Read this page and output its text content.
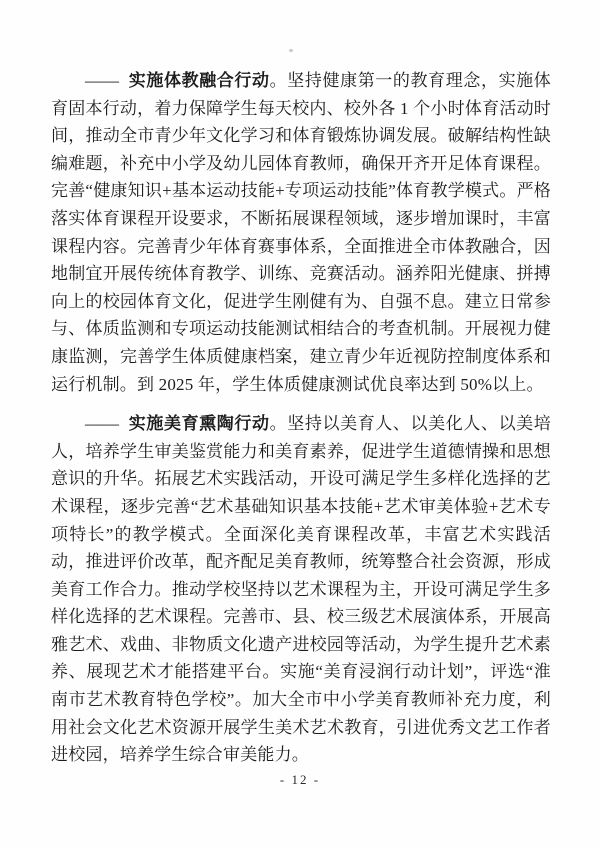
—— 实施体教融合行动。坚持健康第一的教育理念，实施体育固本行动，着力保障学生每天校内、校外各 1 个小时体育活动时间，推动全市青少年文化学习和体育锻炼协调发展。破解结构性缺编难题，补充中小学及幼儿园体育教师，确保开齐开足体育课程。完善“健康知识+基本运动技能+专项运动技能”体育教学模式。严格落实体育课程开设要求，不断拓展课程领域，逐步增加课时，丰富课程内容。完善青少年体育赛事体系，全面推进全市体教融合，因地制宜开展传统体育教学、训练、竞赛活动。涵养阳光健康、拼搏向上的校园体育文化，促进学生刚健有为、自强不息。建立日常参与、体质监测和专项运动技能测试相结合的考查机制。开展视力健康监测，完善学生体质健康档案，建立青少年近视防控制度体系和运行机制。到 2025 年，学生体质健康测试优良率达到 50%以上。

—— 实施美育熏陶行动。坚持以美育人、以美化人、以美培人，培养学生审美鉴赏能力和美育素养，促进学生道德情操和思想意识的升华。拓展艺术实践活动，开设可满足学生多样化选择的艺术课程，逐步完善“艺术基础知识基本技能+艺术审美体验+艺术专项特长”的教学模式。全面深化美育课程改革，丰富艺术实践活动，推进评价改革，配齐配足美育教师，统筹整合社会资源，形成美育工作合力。推动学校坚持以艺术课程为主，开设可满足学生多样化选择的艺术课程。完善市、县、校三级艺术展演体系，开展高雅艺术、戏曲、非物质文化遗产进校园等活动，为学生提升艺术素养、展现艺术才能搭建平台。实施“美育浸润行动计划”，评选“淮南市艺术教育特色学校”。加大全市中小学美育教师补充力度，利用社会文化艺术资源开展学生美术艺术教育，引进优秀文艺工作者进校园，培养学生综合审美能力。

- 12 -
